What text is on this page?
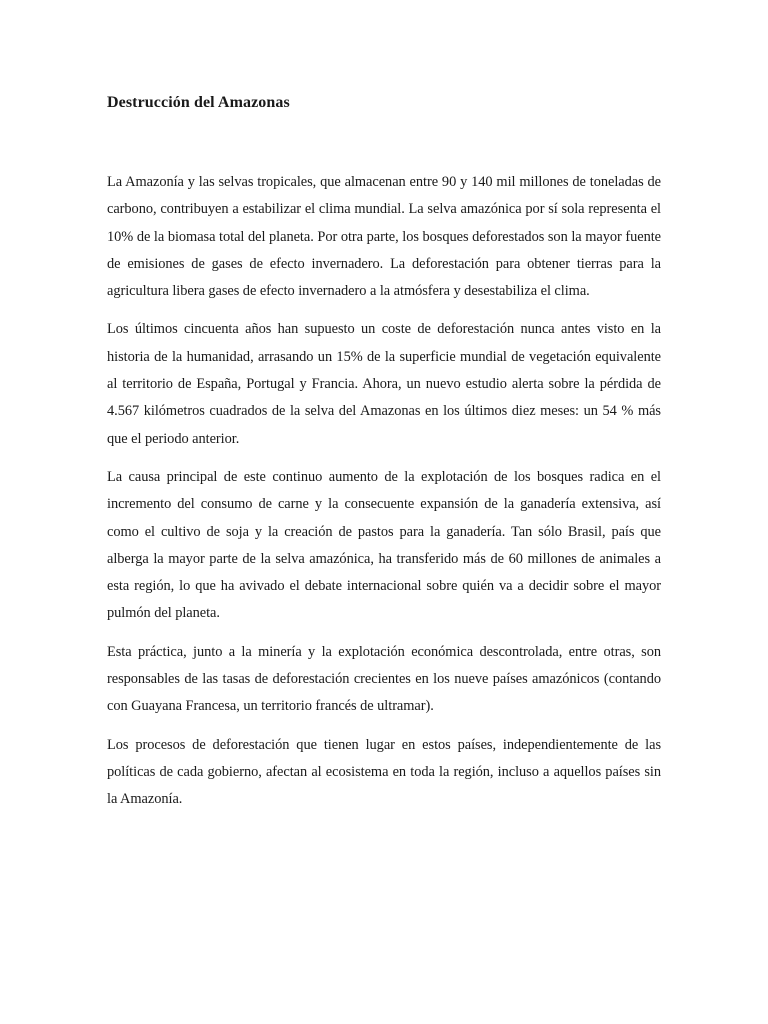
Destrucción del Amazonas

La Amazonía y las selvas tropicales, que almacenan entre 90 y 140 mil millones de toneladas de carbono, contribuyen a estabilizar el clima mundial. La selva amazónica por sí sola representa el 10% de la biomasa total del planeta. Por otra parte, los bosques deforestados son la mayor fuente de emisiones de gases de efecto invernadero. La deforestación para obtener tierras para la agricultura libera gases de efecto invernadero a la atmósfera y desestabiliza el clima.

Los últimos cincuenta años han supuesto un coste de deforestación nunca antes visto en la historia de la humanidad, arrasando un 15% de la superficie mundial de vegetación equivalente al territorio de España, Portugal y Francia. Ahora, un nuevo estudio alerta sobre la pérdida de 4.567 kilómetros cuadrados de la selva del Amazonas en los últimos diez meses: un 54 % más que el periodo anterior.

La causa principal de este continuo aumento de la explotación de los bosques radica en el incremento del consumo de carne y la consecuente expansión de la ganadería extensiva, así como el cultivo de soja y la creación de pastos para la ganadería. Tan sólo Brasil, país que alberga la mayor parte de la selva amazónica, ha transferido más de 60 millones de animales a esta región, lo que ha avivado el debate internacional sobre quién va a decidir sobre el mayor pulmón del planeta.

Esta práctica, junto a la minería y la explotación económica descontrolada, entre otras, son responsables de las tasas de deforestación crecientes en los nueve países amazónicos (contando con Guayana Francesa, un territorio francés de ultramar).

Los procesos de deforestación que tienen lugar en estos países, independientemente de las políticas de cada gobierno, afectan al ecosistema en toda la región, incluso a aquellos países sin la Amazonía.
